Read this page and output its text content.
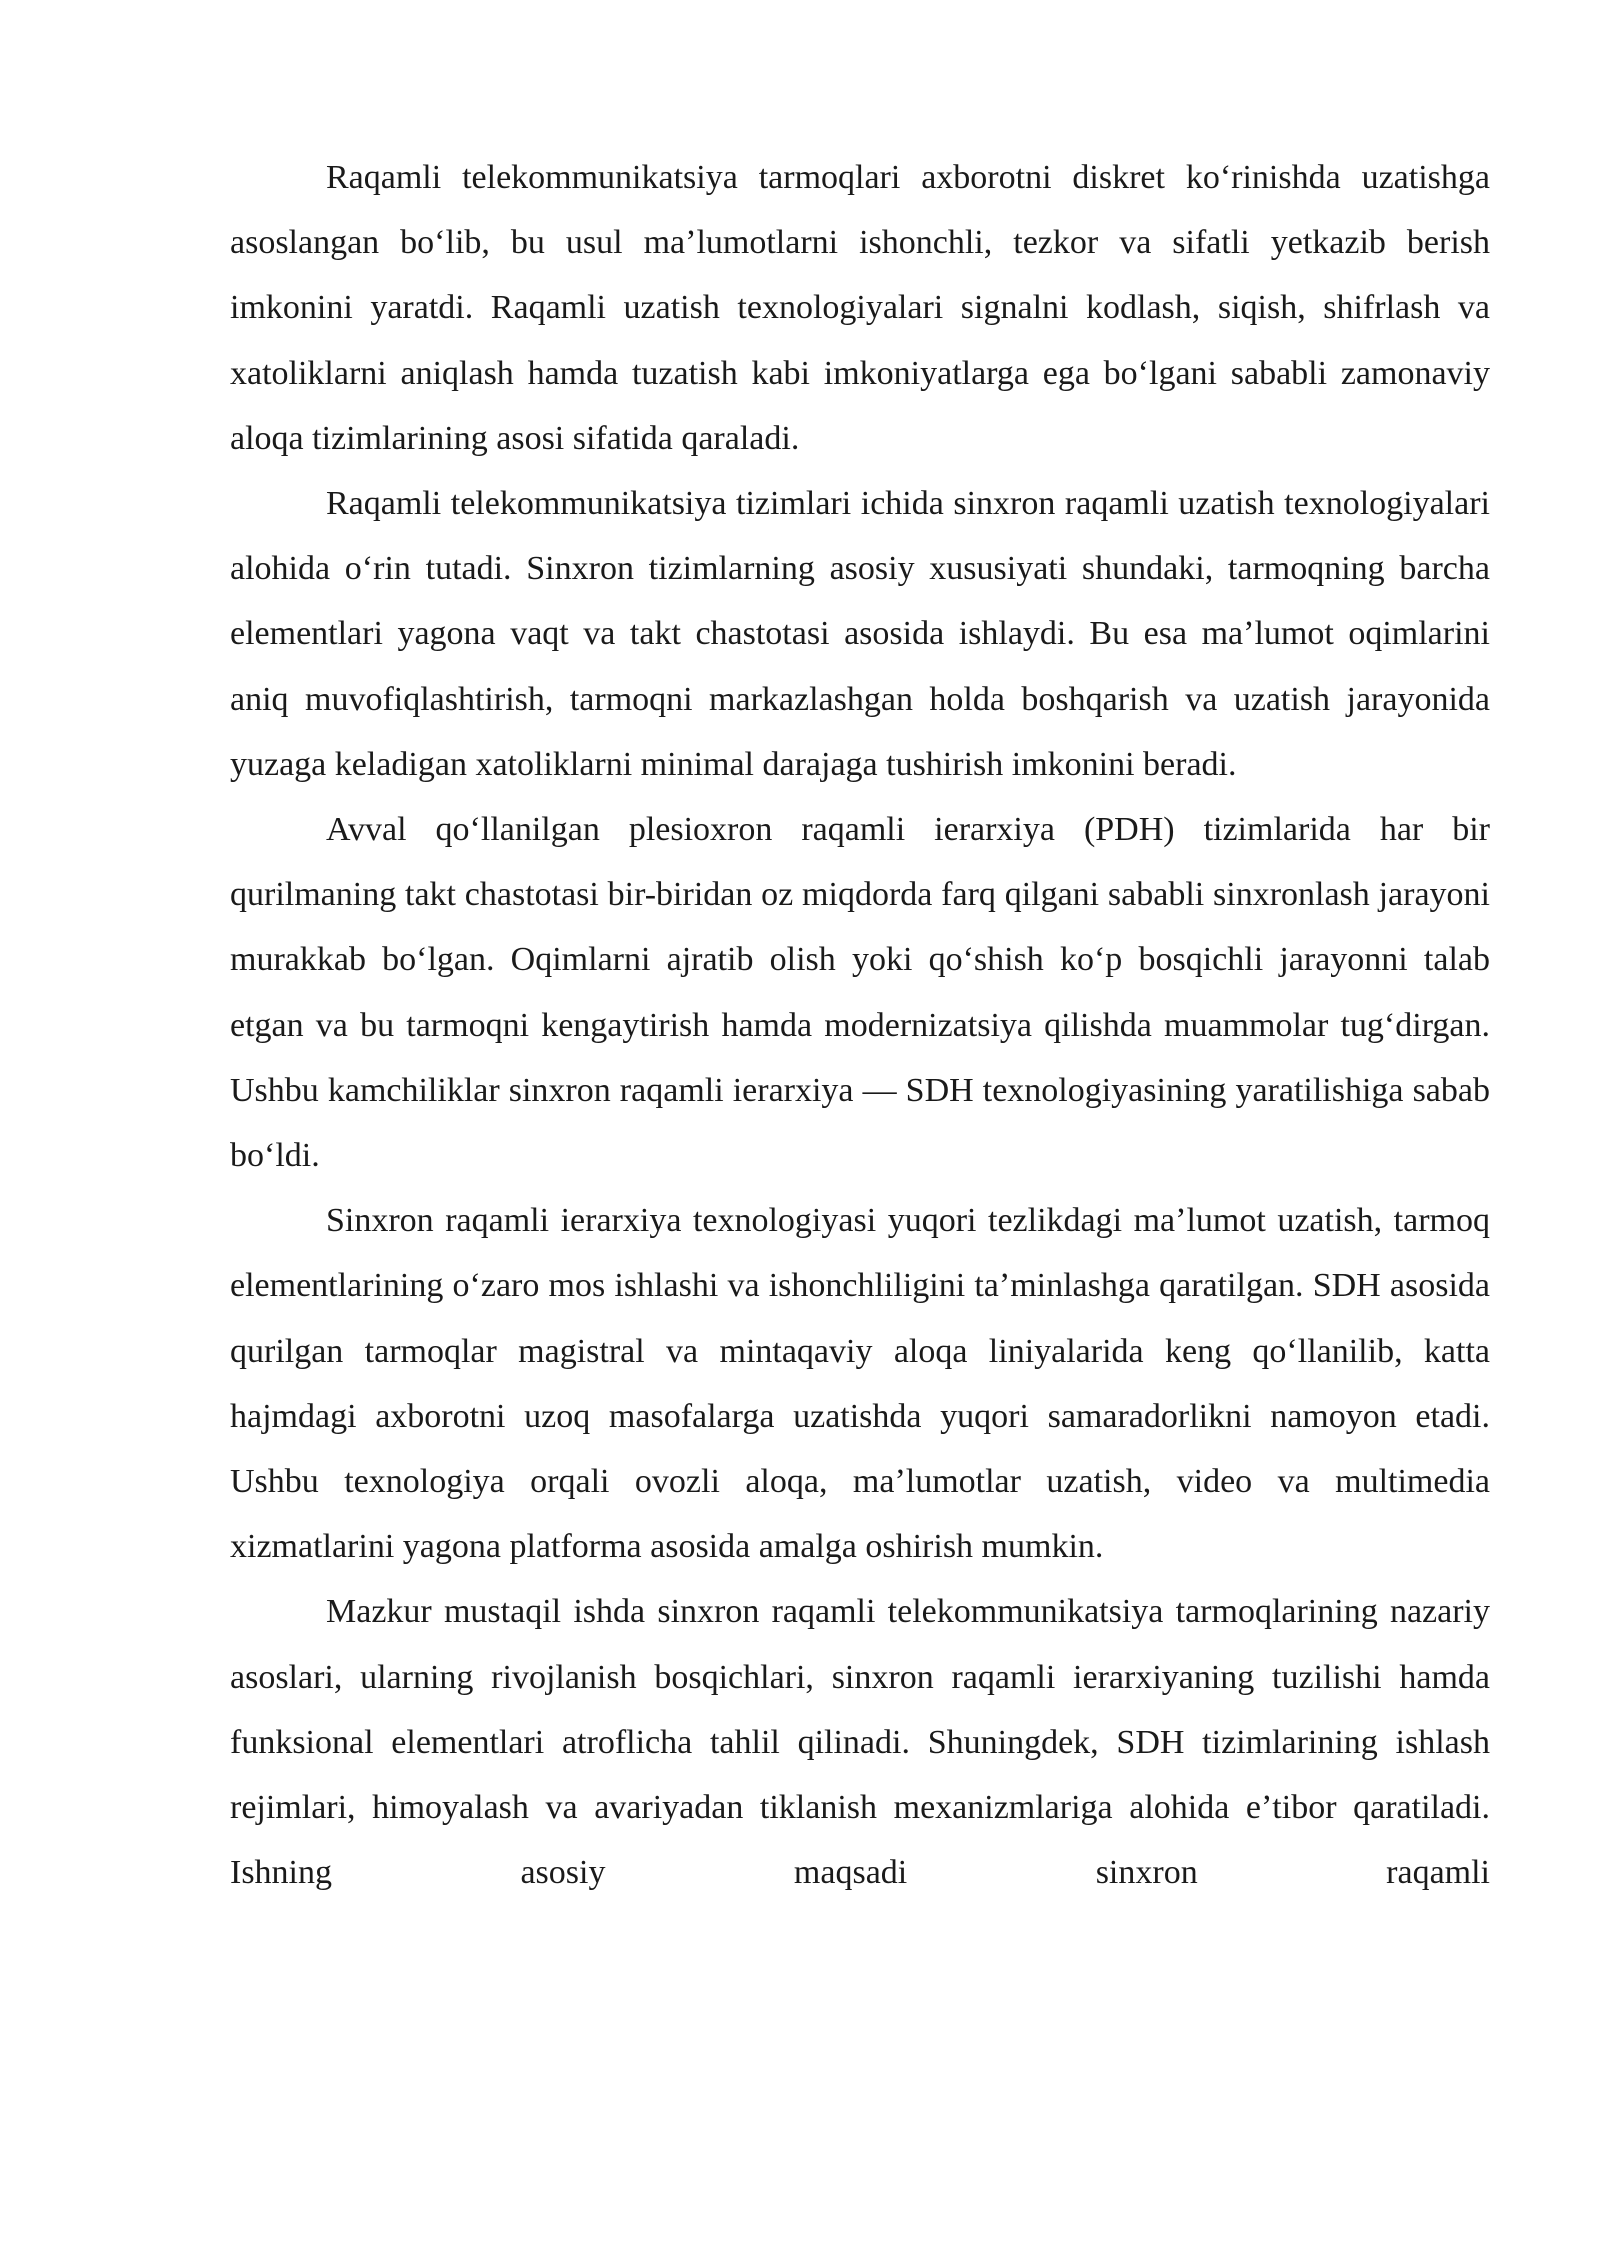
Raqamli telekommunikatsiya tarmoqlari axborotni diskret koʻrinishda uzatishga asoslangan boʻlib, bu usul maʼlumotlarni ishonchli, tezkor va sifatli yetkazib berish imkonini yaratdi. Raqamli uzatish texnologiyalari signalni kodlash, siqish, shifrlash va xatoliklarni aniqlash hamda tuzatish kabi imkoniyatlarga ega boʻlgani sababli zamonaviy aloqa tizimlarining asosi sifatida qaraladi.

Raqamli telekommunikatsiya tizimlari ichida sinxron raqamli uzatish texnologiyalari alohida oʻrin tutadi. Sinxron tizimlarning asosiy xususiyati shundaki, tarmoqning barcha elementlari yagona vaqt va takt chastotasi asosida ishlaydi. Bu esa maʼlumot oqimlarini aniq muvofiqlashtirish, tarmoqni markazlashgan holda boshqarish va uzatish jarayonida yuzaga keladigan xatoliklarni minimal darajaga tushirish imkonini beradi.

Avval qoʻllanilgan plesioxron raqamli ierarxiya (PDH) tizimlarida har bir qurilmaning takt chastotasi bir-biridan oz miqdorda farq qilgani sababli sinxronlash jarayoni murakkab boʻlgan. Oqimlarni ajratib olish yoki qoʻshish koʻp bosqichli jarayonni talab etgan va bu tarmoqni kengaytirish hamda modernizatsiya qilishda muammolar tugʻdirgan. Ushbu kamchiliklar sinxron raqamli ierarxiya — SDH texnologiyasining yaratilishiga sabab boʻldi.

Sinxron raqamli ierarxiya texnologiyasi yuqori tezlikdagi maʼlumot uzatish, tarmoq elementlarining oʻzaro mos ishlashi va ishonchliligini taʼminlashga qaratilgan. SDH asosida qurilgan tarmoqlar magistral va mintaqaviy aloqa liniyalarida keng qoʻllanilib, katta hajmdagi axborotni uzoq masofalarga uzatishda yuqori samaradorlikni namoyon etadi. Ushbu texnologiya orqali ovozli aloqa, maʼlumotlar uzatish, video va multimedia xizmatlarini yagona platforma asosida amalga oshirish mumkin.

Mazkur mustaqil ishda sinxron raqamli telekommunikatsiya tarmoqlarining nazariy asoslari, ularning rivojlanish bosqichlari, sinxron raqamli ierarxiyaning tuzilishi hamda funksional elementlari atroflicha tahlil qilinadi. Shuningdek, SDH tizimlarining ishlash rejimlari, himoyalash va avariyadan tiklanish mexanizmlariga alohida eʼtibor qaratiladi. Ishning asosiy maqsadi sinxron raqamli
